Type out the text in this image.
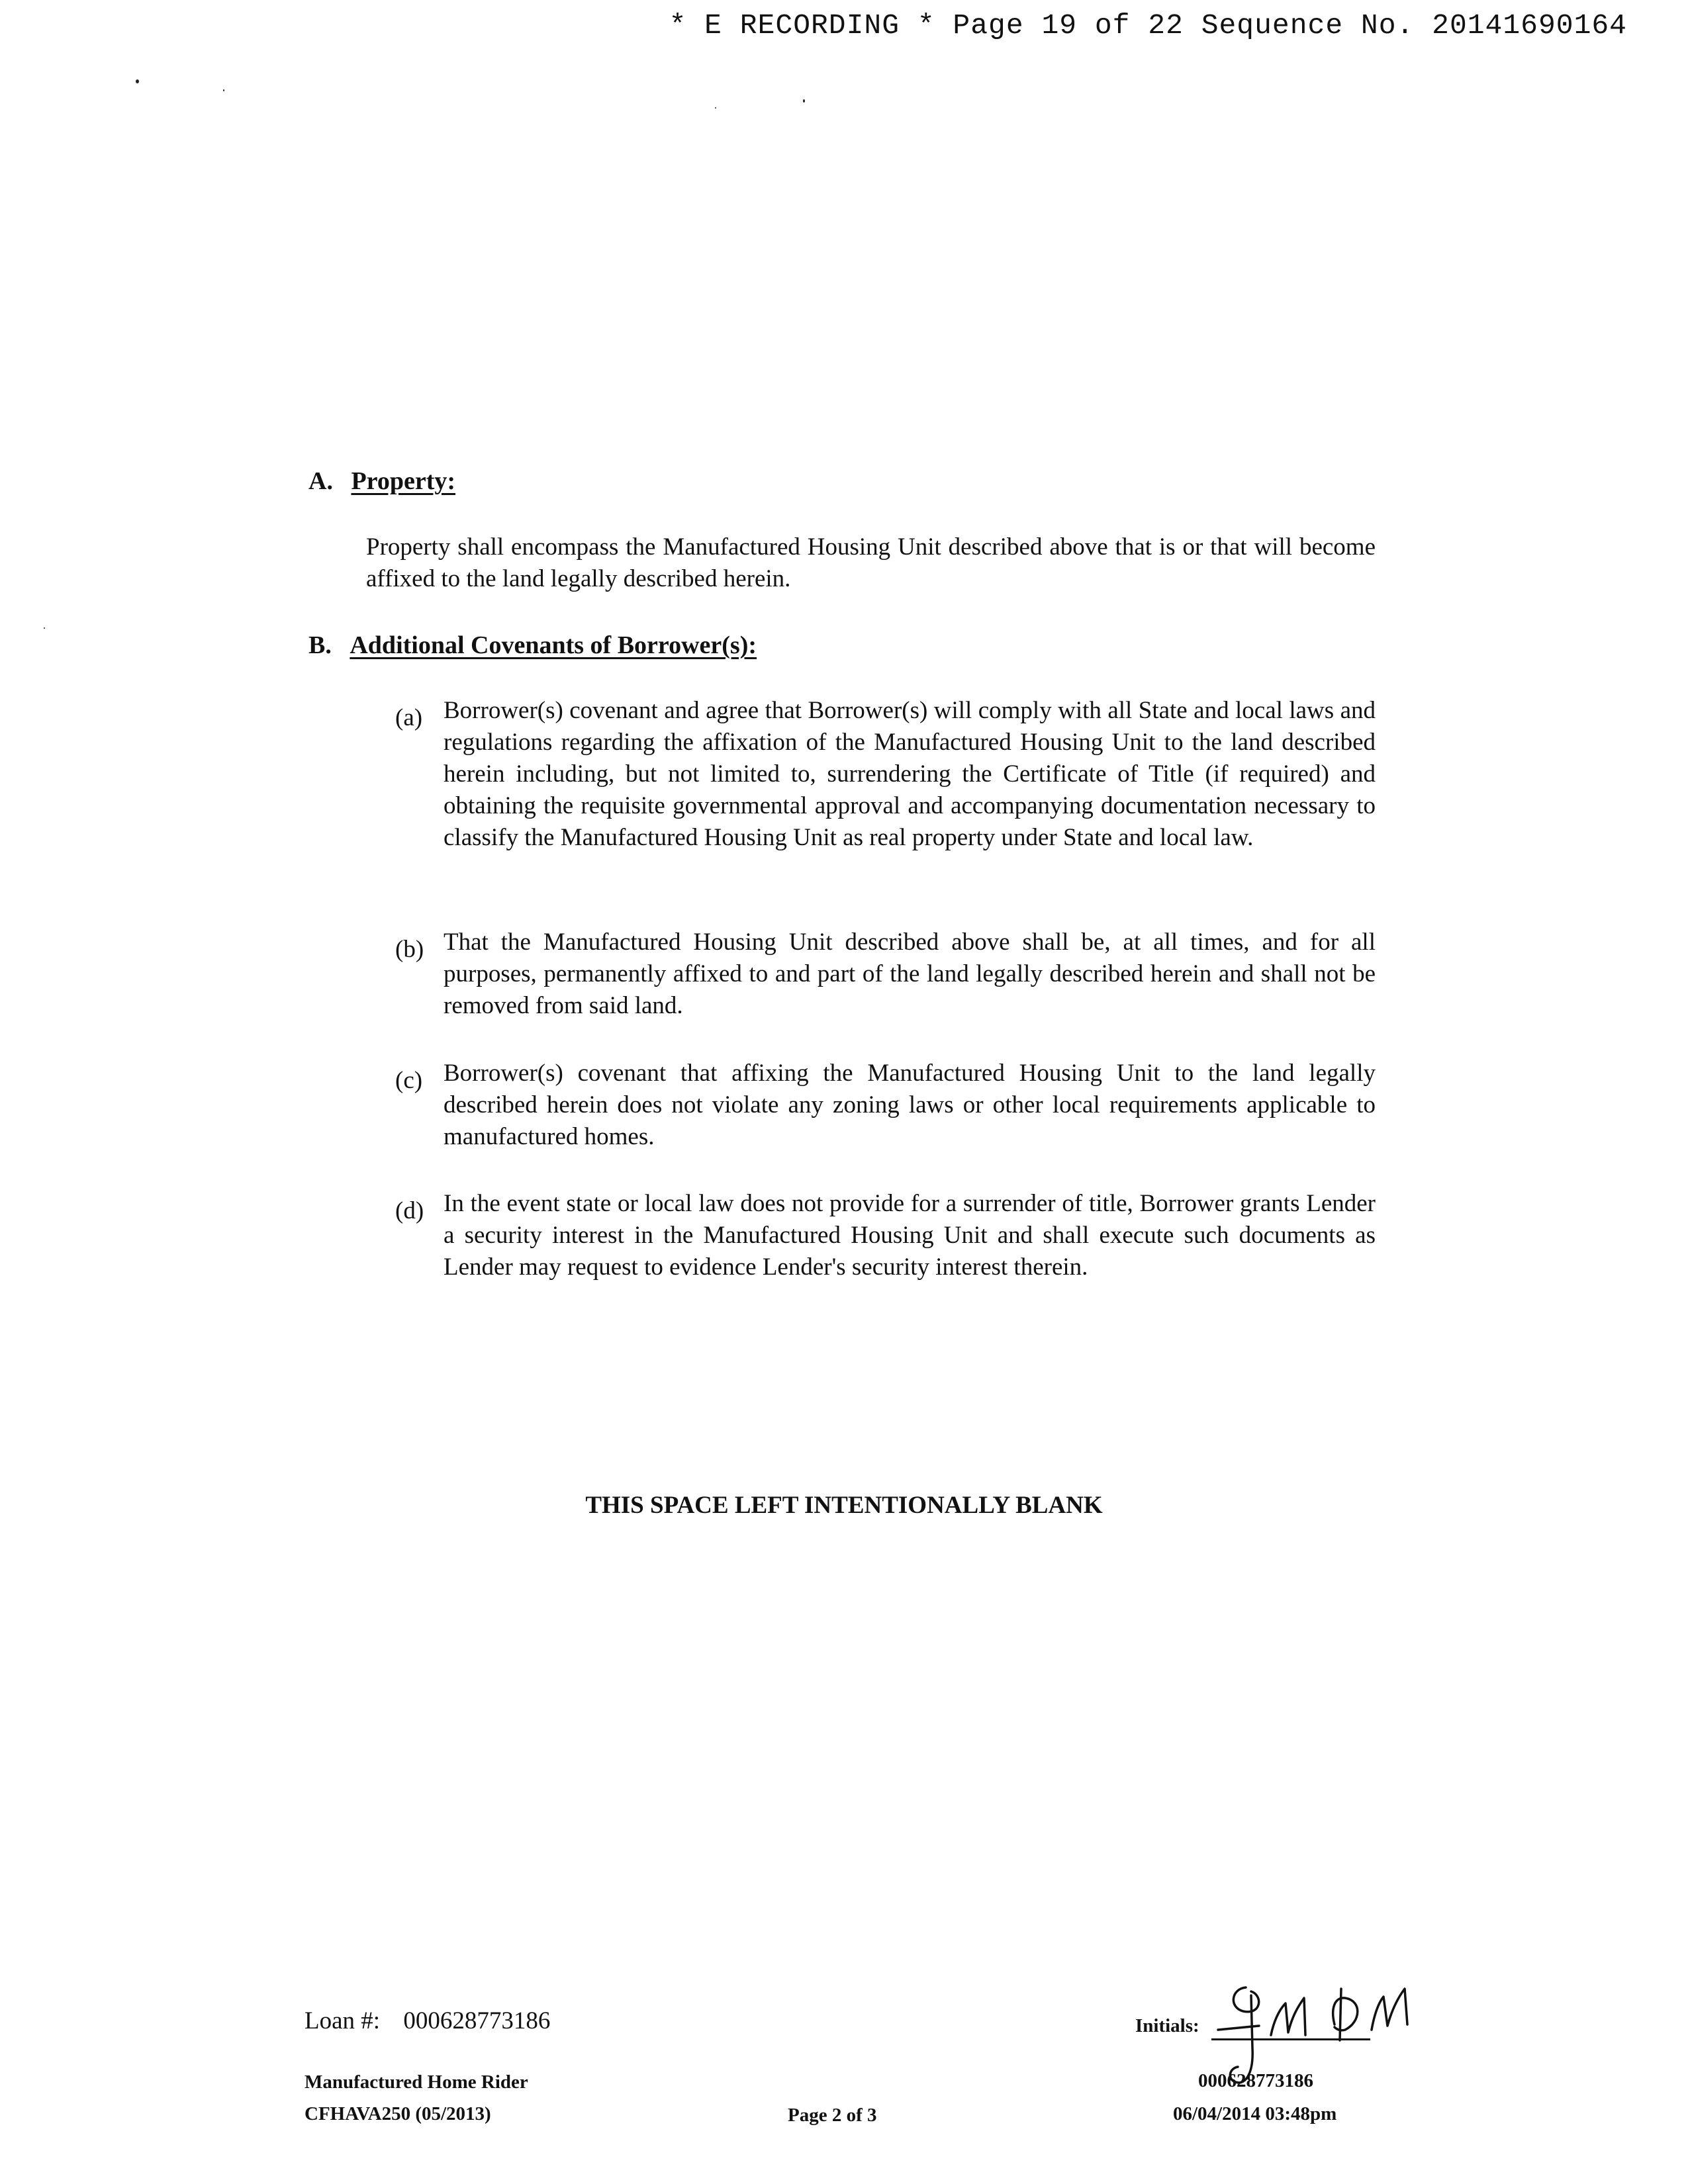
* E RECORDING * Page 19 of 22 Sequence No. 20141690164
A. Property:
Property shall encompass the Manufactured Housing Unit described above that is or that will become affixed to the land legally described herein.
B. Additional Covenants of Borrower(s):
(a) Borrower(s) covenant and agree that Borrower(s) will comply with all State and local laws and regulations regarding the affixation of the Manufactured Housing Unit to the land described herein including, but not limited to, surrendering the Certificate of Title (if required) and obtaining the requisite governmental approval and accompanying documentation necessary to classify the Manufactured Housing Unit as real property under State and local law.
(b) That the Manufactured Housing Unit described above shall be, at all times, and for all purposes, permanently affixed to and part of the land legally described herein and shall not be removed from said land.
(c) Borrower(s) covenant that affixing the Manufactured Housing Unit to the land legally described herein does not violate any zoning laws or other local requirements applicable to manufactured homes.
(d) In the event state or local law does not provide for a surrender of title, Borrower grants Lender a security interest in the Manufactured Housing Unit and shall execute such documents as Lender may request to evidence Lender's security interest therein.
THIS SPACE LEFT INTENTIONALLY BLANK
Loan #: 000628773186
Manufactured Home Rider
CFHAVA250 (05/2013)	Page 2 of 3
Initials:
000628773186
06/04/2014 03:48pm
